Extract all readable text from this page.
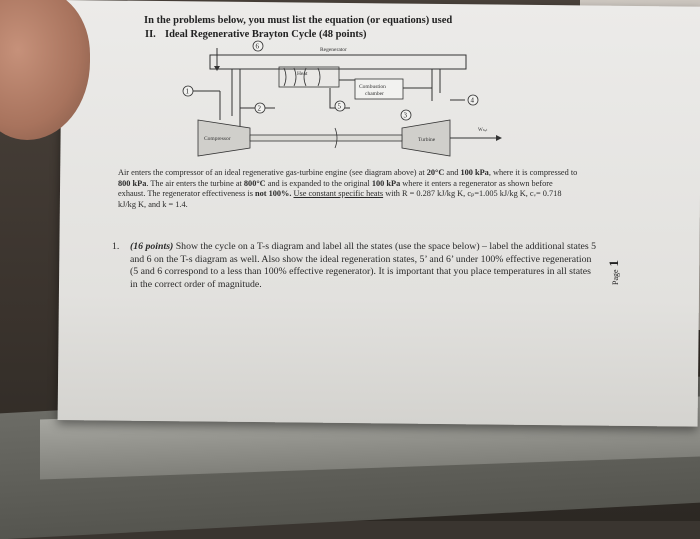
In the problems below, you must list the equation (or equations) used
II. Ideal Regenerative Brayton Cycle (48 points)
Regenerator
6
Heat
Combustion
chamber
Compressor	Turbine
Wₙₑₜ
1
2
3
4
5
Air enters the compressor of an ideal regenerative gas-turbine engine (see diagram above) at 20°C and 100 kPa, where it is compressed to 800 kPa. The air enters the turbine at 800°C and is expanded to the original 100 kPa where it enters a regenerator as shown before exhaust. The regenerator effectiveness is not 100%. Use constant specific heats with R = 0.287 kJ/kg K, cₚ=1.005 kJ/kg K, cᵥ= 0.718 kJ/kg K, and k = 1.4.
1. (16 points) Show the cycle on a T-s diagram and label all the states (use the space below) – label the additional states 5 and 6 on the T-s diagram as well. Also show the ideal regeneration states, 5’ and 6’ under 100% effective regeneration (5 and 6 correspond to a less than 100% effective regenerator). It is important that you place temperatures in all states in the correct order of magnitude.	Page1
